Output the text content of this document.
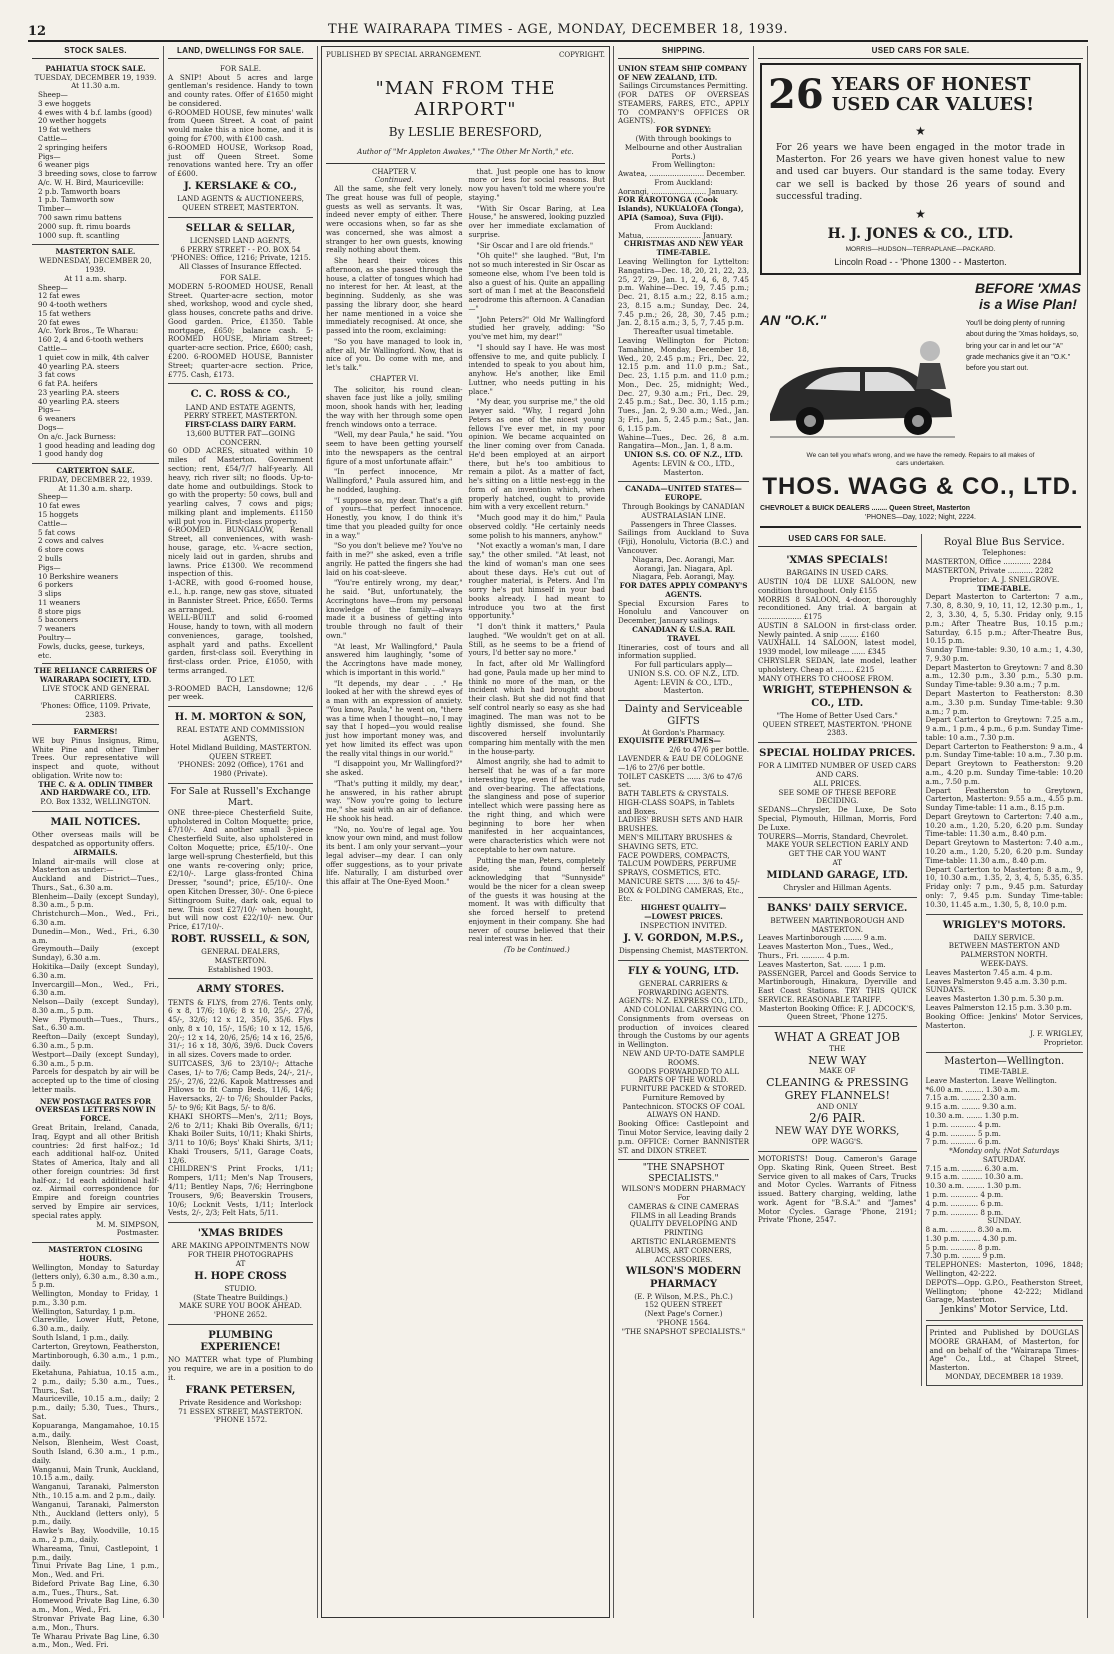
12	THE WAIRARAPA TIMES - AGE, MONDAY, DECEMBER 18, 1939.
STOCK SALES.
PAHIATUA STOCK SALE.
TUESDAY, DECEMBER 19, 1939.
At 11.30 a.m.
Sheep—
3 ewe hoggets
4 ewes with 4 b.f. lambs (good)
20 wether hoggets
19 fat wethers
Cattle—
2 springing heifers
Pigs—
6 weaner pigs
3 breeding sows, close to farrow
A/c. W. H. Bird, Mauriceville:
2 p.b. Tamworth boars
1 p.b. Tamworth sow
Timber—
700 sawn rimu battens
2000 sup. ft. rimu boards
1000 sup. ft. scantling
MASTERTON SALE.
WEDNESDAY, DECEMBER 20, 1939.
At 11 a.m. sharp.
Sheep—
12 fat ewes
90 4-tooth wethers
15 fat wethers
20 fat ewes
A/c. York Bros., Te Wharau:
160 2, 4 and 6-tooth wethers
Cattle—
1 quiet cow in milk, 4th calver
40 yearling P.A. steers
3 fat cows
6 fat P.A. heifers
23 yearling P.A. steers
40 yearling P.A. steers
Pigs—
6 weaners
Dogs—
On a/c. Jack Burness:
1 good heading and leading dog
1 good handy dog
CARTERTON SALE.
FRIDAY, DECEMBER 22, 1939.
At 11.30 a.m. sharp.
Sheep—
10 fat ewes
15 hoggets
Cattle—
5 fat cows
2 cows and calves
6 store cows
2 bulls
Pigs—
10 Berkshire weaners
6 porkers
3 slips
11 weaners
8 store pigs
5 baconers
7 weaners
Poultry—
Fowls, ducks, geese, turkeys, etc.
THE RELIANCE CARRIERS OF WAIRARAPA SOCIETY, LTD.
LIVE STOCK AND GENERAL CARRIERS.
'Phones: Office, 1109. Private, 2383.
FARMERS!
WE buy Pinus Insignus, Rimu, White Pine and other Timber Trees. Our representative will inspect and quote, without obligation. Write now to:
THE C. & A. ODLIN TIMBER AND HARDWARE CO., LTD.
P.O. Box 1332, WELLINGTON.
MAIL NOTICES.
Other overseas mails will be despatched as opportunity offers.
AIRMAILS.
Inland air-mails will close at Masterton as under:—
Auckland and District—Tues., Thurs., Sat., 6.30 a.m.
Blenheim—Daily (except Sunday), 8.30 a.m., 5 p.m.
Christchurch—Mon., Wed., Fri., 6.30 a.m.
Dunedin—Mon., Wed., Fri., 6.30 a.m.
Greymouth—Daily (except Sunday), 6.30 a.m.
Hokitika—Daily (except Sunday), 6.30 a.m.
Invercargill—Mon., Wed., Fri., 6.30 a.m.
Nelson—Daily (except Sunday), 8.30 a.m., 5 p.m.
New Plymouth—Tues., Thurs., Sat., 6.30 a.m.
Reefton—Daily (except Sunday), 6.30 a.m., 5 p.m.
Westport—Daily (except Sunday), 6.30 a.m., 5 p.m.
Parcels for despatch by air will be accepted up to the time of closing letter mails.
NEW POSTAGE RATES FOR OVERSEAS LETTERS NOW IN FORCE.
Great Britain, Ireland, Canada, Iraq, Egypt and all other British countries: 2d first half-oz.; 1d each additional half-oz. United States of America, Italy and all other foreign countries: 3d first half-oz.; 1d each additional half-oz. Airmail correspondence for Empire and foreign countries served by Empire air services, special rates apply.
M. M. SIMPSON,
Postmaster.
MASTERTON CLOSING HOURS.
Wellington, Monday to Saturday (letters only), 6.30 a.m., 8.30 a.m., 5 p.m.
Wellington, Monday to Friday, 1 p.m., 3.30 p.m.
Wellington, Saturday, 1 p.m.
Clareville, Lower Hutt, Petone, 6.30 a.m., daily.
South Island, 1 p.m., daily.
Carterton, Greytown, Featherston, Martinborough, 6.30 a.m., 1 p.m., daily.
Eketahuna, Pahiatua, 10.15 a.m., 2 p.m., daily; 5.30 a.m., Tues., Thurs., Sat.
Mauriceville, 10.15 a.m., daily; 2 p.m., daily; 5.30, Tues., Thurs., Sat.
Kopuaranga, Mangamahoe, 10.15 a.m., daily.
Nelson, Blenheim, West Coast, South Island, 6.30 a.m., 1 p.m., daily.
Wanganui, Main Trunk, Auckland, 10.15 a.m., daily.
Wanganui, Taranaki, Palmerston Nth., 10.15 a.m. and 2 p.m., daily.
Wanganui, Taranaki, Palmerston Nth., Auckland (letters only), 5 p.m., daily.
Hawke's Bay, Woodville, 10.15 a.m., 2 p.m., daily.
Whareama, Tinui, Castlepoint, 1 p.m., daily.
Tinui Private Bag Line, 1 p.m., Mon., Wed. and Fri.
Bideford Private Bag Line, 6.30 a.m., Tues., Thurs., Sat.
Homewood Private Bag Line, 6.30 a.m., Mon., Wed., Fri.
Stronvar Private Bag Line, 6.30 a.m., Mon., Thurs.
Te Wharau Private Bag Line, 6.30 a.m., Mon., Wed. Fri.
LAND, DWELLINGS FOR SALE.
FOR SALE.
A SNIP! About 5 acres and large gentleman's residence. Handy to town and county rates. Offer of £1650 might be considered.
6-ROOMED HOUSE, few minutes' walk from Queen Street. A coat of paint would make this a nice home, and it is going for £700, with £100 cash.
6-ROOMED HOUSE, Worksop Road, just off Queen Street. Some renovations wanted here. Try an offer of £600.
J. KERSLAKE & CO.,
LAND AGENTS & AUCTIONEERS,
QUEEN STREET, MASTERTON.
SELLAR & SELLAR,
LICENSED LAND AGENTS,
6 PERRY STREET - - P.O. BOX 54
'PHONES: Office, 1216; Private, 1215.
All Classes of Insurance Effected.
FOR SALE.
MODERN 5-ROOMED HOUSE, Renall Street. Quarter-acre section, motor shed, workshop, wood and cycle shed, glass houses, concrete paths and drive. Good garden. Price, £1350. Table mortgage, £650; balance cash. 5-ROOMED HOUSE, Miriam Street; quarter-acre section. Price, £600; cash, £200. 6-ROOMED HOUSE, Bannister Street; quarter-acre section. Price, £775. Cash, £173.
C. C. ROSS & CO.,
LAND AND ESTATE AGENTS,
PERRY STREET, MASTERTON.
FIRST-CLASS DAIRY FARM.
13,600 BUTTER FAT—GOING CONCERN.
60 ODD ACRES, situated within 10 miles of Masterton. Government section; rent, £54/7/7 half-yearly. All heavy, rich river silt; no floods. Up-to-date home and outbuildings. Stock to go with the property: 50 cows, bull and yearling calves, 7 cows and pigs; milking plant and implements. £1150 will put you in. First-class property.
6-ROOMED BUNGALOW, Renall Street, all conveniences, with wash-house, garage, etc. ¼-acre section, nicely laid out in garden, shrubs and lawns. Price £1300. We recommend inspection of this.
1-ACRE, with good 6-roomed house, e.l., h.p. range, new gas stove, situated in Bannister Street. Price, £650. Terms as arranged.
WELL-BUILT and solid 6-roomed House, handy to town, with all modern conveniences, garage, toolshed, asphalt yard and paths. Excellent garden, first-class soil. Everything in first-class order. Price, £1050, with terms arranged.
TO LET.
3-ROOMED BACH, Lansdowne; 12/6 per week.
H. M. MORTON & SON,
REAL ESTATE AND COMMISSION AGENTS,
Hotel Midland Building, MASTERTON. QUEEN STREET.
'PHONES: 2092 (Office), 1761 and 1980 (Private).
For Sale at Russell's Exchange Mart.
ONE three-piece Chesterfield Suite, upholstered in Colton Moquette; price, £7/10/-. And another small 3-piece Chesterfield Suite, also upholstered in Colton Moquette; price, £5/10/-. One large well-sprung Chesterfield, but this one wants re-covering only; price, £2/10/-. Large glass-fronted China Dresser, "sound"; price, £5/10/-. One open Kitchen Dresser, 30/-. One 6-piece Sittingroom Suite, dark oak, equal to new. This cost £27/10/- when bought, but will now cost £22/10/- new. Our Price, £17/10/-.
ROBT. RUSSELL, & SON,
GENERAL DEALERS,
MASTERTON.
Established 1903.
ARMY STORES.
TENTS & FLYS, from 27/6. Tents only, 6 x 8, 17/6; 10/6; 8 x 10, 25/-, 27/6, 45/-, 32/6; 12 x 12, 35/6, 35/6. Flys only, 8 x 10, 15/-, 15/6; 10 x 12, 15/6, 20/-; 12 x 14, 20/6, 25/6; 14 x 16, 25/6, 31/-; 16 x 18, 30/6, 39/6. Duck Covers in all sizes. Covers made to order.
SUITCASES, 3/6 to 23/10/-; Attache Cases, 1/- to 7/6; Camp Beds, 24/-, 21/-, 25/-, 27/6, 22/6. Kapok Mattresses and Pillows to fit Camp Beds, 11/6, 14/6; Haversacks, 2/- to 7/6; Shoulder Packs, 5/- to 9/6; Kit Bags, 5/- to 8/6.
KHAKI SHORTS—Men's, 2/11; Boys, 2/6 to 2/11; Khaki Bib Overalls, 6/11; Khaki Boiler Suits, 10/11; Khaki Shirts, 3/11 to 10/6; Boys' Khaki Shirts, 3/11; Khaki Trousers, 5/11, Garage Coats, 12/6.
CHILDREN'S Print Frocks, 1/11; Rompers, 1/11; Men's Nap Trousers, 4/11; Bentley Naps, 7/6; Herringbone Trousers, 9/6; Beaverskin Trousers, 10/6; Locknit Vests, 1/11; Interlock Vests, 2/-, 2/3; Felt Hats, 5/11.
'XMAS BRIDES
ARE MAKING APPOINTMENTS NOW FOR THEIR PHOTOGRAPHS
AT
H. HOPE CROSS
STUDIO.
(State Theatre Buildings.)
MAKE SURE YOU BOOK AHEAD.
'PHONE 2652.
PLUMBING EXPERIENCE!
NO MATTER what type of Plumbing you require, we are in a position to do it.
FRANK PETERSEN,
Private Residence and Workshop:
71 ESSEX STREET, MASTERTON.
'PHONE 1572.
PUBLISHED BY SPECIAL ARRANGEMENT.	COPYRIGHT.
"MAN FROM THE AIRPORT"
By LESLIE BERESFORD,
Author of "Mr Appleton Awakes," "The Other Mr North," etc.
CHAPTER V.
Continued.

All the same, she felt very lonely. The great house was full of people, guests as well as servants. It was, indeed never empty of either. There were occasions when, so far as she was concerned, she was almost a stranger to her own guests, knowing really nothing about them.

She heard their voices this afternoon, as she passed through the house, a clatter of tongues which had no interest for her. At least, at the beginning. Suddenly, as she was passing the library door, she heard her name mentioned in a voice she immediately recognised. At once, she passed into the room, exclaiming:

"So you have managed to look in, after all, Mr Wallingford. Now, that is nice of you. Do come with me, and let's talk."

CHAPTER VI.

The solicitor, his round clean-shaven face just like a jolly, smiling moon, shook hands with her, leading the way with her through some open french windows onto a terrace.

"Well, my dear Paula," he said. "You seem to have been getting yourself into the newspapers as the central figure of a most unfortunate affair."

"In perfect innocence, Mr Wallingford," Paula assured him, and he nodded, laughing.

"I suppose so, my dear. That's a gift of yours—that perfect innocence. Honestly, you know, I do think it's time that you pleaded guilty for once in a way."

"So you don't believe me? You've no faith in me?" she asked, even a trifle angrily. He patted the fingers she had laid on his coat-sleeve.

"You're entirely wrong, my dear," he said. "But, unfortunately, the Accringtons have—from my personal knowledge of the family—always made it a business of getting into trouble through no fault of their own."

"At least, Mr Wallingford," Paula answered him laughingly, "some of the Accringtons have made money, which is important in this world."

"It depends, my dear . . ." He looked at her with the shrewd eyes of a man with an expression of anxiety. "You know, Paula," he went on, "there was a time when I thought—no, I may say that I hoped—you would realise just how important money was, and yet how limited its effect was upon the really vital things in our world."

"I disappoint you, Mr Wallingford?" she asked.

"That's putting it mildly, my dear," he answered, in his rather abrupt way. "Now you're going to lecture me," she said with an air of defiance. He shook his head.

"No, no. You're of legal age. You know your own mind, and must follow its bent. I am only your servant—your legal adviser—my dear. I can only offer suggestions, as to your private life. Naturally, I am disturbed over this affair at The One-Eyed Moon."

that. Just people one has to know more or less for social reasons. But now you haven't told me where you're staying."

"With Sir Oscar Baring, at Lea House," he answered, looking puzzled over her immediate exclamation of surprise.

"Sir Oscar and I are old friends."

"Oh quite!" she laughed. "But, I'm not so much interested in Sir Oscar as someone else, whom I've been told is also a guest of his. Quite an appalling sort of man I met at the Beaconsfield aerodrome this afternoon. A Canadian—"

"John Peters?" Old Mr Wallingford studied her gravely, adding: "So you've met him, my dear!"

"I should say I have. He was most offensive to me, and quite publicly. I intended to speak to you about him, anyhow. He's another, like Emil Luttner, who needs putting in his place."

"My dear, you surprise me," the old lawyer said. "Why, I regard John Peters as one of the nicest young fellows I've ever met, in my poor opinion. We became acquainted on the liner coming over from Canada. He'd been employed at an airport there, but he's too ambitious to remain a pilot. As a matter of fact, he's sitting on a little nest-egg in the form of an invention which, when properly hatched, ought to provide him with a very excellent return."

"Much good may it do him," Paula observed coldly. "He certainly needs some polish to his manners, anyhow."

"Not exactly a woman's man, I dare say," the other smiled. "At least, not the kind of woman's man one sees about these days. He's cut out of rougher material, is Peters. And I'm sorry he's put himself in your bad books already. I had meant to introduce you two at the first opportunity."

"I don't think it matters," Paula laughed. "We wouldn't get on at all. Still, as he seems to be a friend of yours, I'd better say no more."

In fact, after old Mr Wallingford had gone, Paula made up her mind to think no more of the man, or the incident which had brought about their clash. But she did not find that self control nearly so easy as she had imagined. The man was not to be lightly dismissed, she found. She discovered herself involuntarily comparing him mentally with the men in the house-party.

Almost angrily, she had to admit to herself that he was of a far more interesting type, even if he was rude and over-bearing. The affectations, the slanginess and pose of superior intellect which were passing here as the right thing, and which were beginning to bore her when manifested in her acquaintances, were characteristics which were not acceptable to her own nature.

Putting the man, Peters, completely aside, she found herself acknowledging that "Sunnyside" would be the nicer for a clean sweep of the guests it was housing at the moment. It was with difficulty that she forced herself to pretend enjoyment in their company. She had never of course believed that their real interest was in her.

(To be Continued.)
SHIPPING.
UNION STEAM SHIP COMPANY OF NEW ZEALAND, LTD.
Sailings Circumstances Permitting.
(FOR DATES OF OVERSEAS STEAMERS, FARES, ETC., APPLY TO COMPANY'S OFFICES OR AGENTS).
FOR SYDNEY:
(With through bookings to Melbourne and other Australian Ports.)
From Wellington:
Awatea, ........................ December.
From Auckland:
Aorangi, ........................ January.
FOR RAROTONGA (Cook Islands), NUKUALOFA (Tonga), APIA (Samoa), Suva (Fiji).
From Auckland:
Matua, ........................ January.
CHRISTMAS AND NEW YEAR TIME-TABLE.
Leaving Wellington for Lyttelton: Rangatira—Dec. 18, 20, 21, 22, 23, 25, 27, 29, Jan. 1, 2, 4, 6, 8, 7.45 p.m. Wahine—Dec. 19, 7.45 p.m.; Dec. 21, 8.15 a.m.; 22, 8.15 a.m.; 23, 8.15 a.m.; Sunday, Dec. 24, 7.45 p.m.; 26, 28, 30, 7.45 p.m.; Jan. 2, 8.15 a.m.; 3, 5, 7, 7.45 p.m.
Thereafter usual timetable.
Leaving Wellington for Picton: Tamahine, Monday, December 18, Wed., 20, 2.45 p.m.; Fri., Dec. 22, 12.15 p.m. and 11.0 p.m.; Sat., Dec. 23, 1.15 p.m. and 11.0 p.m.; Mon., Dec. 25, midnight; Wed., Dec. 27, 9.30 a.m.; Fri., Dec. 29, 2.45 p.m.; Sat., Dec. 30, 1.15 p.m.; Tues., Jan. 2, 9.30 a.m.; Wed., Jan. 3; Fri., Jan. 5, 2.45 p.m.; Sat., Jan. 6, 1.15 p.m.
Wahine—Tues., Dec. 26, 8 a.m. Rangatira—Mon., Jan. 1, 8 a.m.
UNION S.S. CO. OF N.Z., LTD.
Agents: LEVIN & CO., LTD., Masterton.
CANADA—UNITED STATES—EUROPE.
Through Bookings by CANADIAN AUSTRALASIAN LINE.
Passengers in Three Classes.
Sailings from Auckland to Suva (Fiji), Honolulu, Victoria (B.C.) and Vancouver.
Niagara, Dec. Aorangi, Mar.
Aorangi, Jan. Niagara, Apl.
Niagara, Feb. Aorangi, May.
FOR DATES APPLY COMPANY'S AGENTS.
Special Excursion Fares to Honolulu and Vancouver on December, January sailings.
CANADIAN & U.S.A. RAIL TRAVEL
Itineraries, cost of tours and all information supplied.
For full particulars apply—
UNION S.S. CO. OF N.Z., LTD. Agent: LEVIN & CO., LTD., Masterton.
Dainty and Serviceable GIFTS
At Gordon's Pharmacy.
EXQUISITE PERFUMES—
2/6 to 47/6 per bottle.
LAVENDER & EAU DE COLOGNE—1/6 to 27/6 per bottle.
TOILET CASKETS ...... 3/6 to 47/6 set.
BATH TABLETS & CRYSTALS.
HIGH-CLASS SOAPS, in Tablets and Boxes.
LADIES' BRUSH SETS AND HAIR BRUSHES.
MEN'S MILITARY BRUSHES & SHAVING SETS, ETC.
FACE POWDERS, COMPACTS,
TALCUM POWDERS, PERFUME SPRAYS, COSMETICS, ETC.
MANICURE SETS ...... 3/6 to 45/-
BOX & FOLDING CAMERAS, Etc., Etc.
HIGHEST QUALITY—
—LOWEST PRICES.
INSPECTION INVITED.
J. V. GORDON, M.P.S.,
Dispensing Chemist, MASTERTON.
FLY & YOUNG, LTD.
GENERAL CARRIERS & FORWARDING AGENTS.
AGENTS: N.Z. EXPRESS CO., LTD., AND COLONIAL CARRYING CO.
Consignments from overseas on production of invoices cleared through the Customs by our agents in Wellington.
NEW AND UP-TO-DATE SAMPLE ROOMS.
GOODS FORWARDED TO ALL PARTS OF THE WORLD.
FURNITURE PACKED & STORED.
Furniture Removed by Pantechnicon. STOCKS OF COAL ALWAYS ON HAND.
Booking Office: Castlepoint and Tinui Motor Service, leaving daily 2 p.m. OFFICE: Corner BANNISTER ST. and DIXON STREET.
"THE SNAPSHOT SPECIALISTS."
WILSON'S MODERN PHARMACY
For
CAMERAS & CINE CAMERAS
FILMS in all Leading Brands
QUALITY DEVELOPING AND PRINTING
ARTISTIC ENLARGEMENTS
ALBUMS, ART CORNERS, ACCESSORIES.
WILSON'S MODERN PHARMACY
(E. P. Wilson, M.P.S., Ph.C.)
152 QUEEN STREET
(Next Page's Corner.)
'PHONE 1564.
"THE SNAPSHOT SPECIALISTS."
USED CARS FOR SALE.
26 YEARS OF HONEST USED CAR VALUES!
★
For 26 years we have been engaged in the motor trade in Masterton. For 26 years we have given honest value to new and used car buyers. Our standard is the same today. Every car we sell is backed by those 26 years of sound and successful trading.
★
H. J. JONES & CO., LTD.
MORRIS—HUDSON—TERRAPLANE—PACKARD.
Lincoln Road - - 'Phone 1300 - - Masterton.
BEFORE 'XMAS
is a Wise Plan!
AN "O.K."	You'll be doing plenty of running about during the 'Xmas holidays, so, bring your car in and let our "A" grade mechanics give it an "O.K." before you start out.
We can tell you what's wrong, and we have the remedy. Repairs to all makes of cars undertaken.
THOS. WAGG & CO., LTD.
CHEVROLET & BUICK DEALERS ........ Queen Street, Masterton
'PHONES—Day, 1022; Night, 2224.
USED CARS FOR SALE.
'XMAS SPECIALS!
BARGAINS IN USED CARS.
AUSTIN 10/4 DE LUXE SALOON, new condition throughout. Only £155
MORRIS 8 SALOON, 4-door, thoroughly reconditioned. Any trial. A bargain at ................... £175
AUSTIN 8 SALOON in first-class order. Newly painted. A snip ........ £160
VAUXHALL 14 SALOON, latest model, 1939 model, low mileage ...... £345
CHRYSLER SEDAN, late model, leather upholstery. Cheap at ........ £215
MANY OTHERS TO CHOOSE FROM.
WRIGHT, STEPHENSON & CO., LTD.
"The Home of Better Used Cars."
QUEEN STREET, MASTERTON. 'PHONE 2383.
SPECIAL HOLIDAY PRICES.
FOR A LIMITED NUMBER OF USED CARS AND CARS.
ALL PRICES.
SEE SOME OF THESE BEFORE DECIDING.
SEDANS—Chrysler, De Luxe, De Soto Special, Plymouth, Hillman, Morris, Ford De Luxe.
TOURERS—Morris, Standard, Chevrolet.
MAKE YOUR SELECTION EARLY AND GET THE CAR YOU WANT
AT
MIDLAND GARAGE, LTD.
Chrysler and Hillman Agents.
BANKS' DAILY SERVICE.
BETWEEN MARTINBOROUGH AND MASTERTON.
Leaves Martinborough ........ 9 a.m.
Leaves Masterton Mon., Tues., Wed., Thurs., Fri. .......... 4 p.m.
Leaves Masterton, Sat. ....... 1 p.m.
PASSENGER, Parcel and Goods Service to Martinborough, Hinakura, Dyerville and East Coast Stations. TRY THIS QUICK SERVICE. REASONABLE TARIFF.
Masterton Booking Office: F. J. ADCOCK'S, Queen Street, 'Phone 1275.
WHAT A GREAT JOB
THE
NEW WAY
MAKE OF
CLEANING & PRESSING GREY FLANNELS!
AND ONLY
2/6 PAIR.
NEW WAY DYE WORKS,
OPP. WAGG'S.
MOTORISTS! Doug. Cameron's Garage Opp. Skating Rink, Queen Street. Best Service given to all makes of Cars, Trucks and Motor Cycles. Warrants of Fitness issued. Battery charging, welding, lathe work. Agent for "B.S.A." and "James" Motor Cycles. Garage 'Phone, 2191; Private 'Phone, 2547.
Royal Blue Bus Service.
Telephones:
MASTERTON, Office ............ 2284
MASTERTON, Private ........... 2282
Proprietor: A. J. SNELGROVE.
TIME-TABLE.
Depart Masterton to Carterton: 7 a.m., 7.30, 8, 8.30, 9, 10, 11, 12, 12.30 p.m., 1, 2, 3, 3.30, 4, 5, 5.30. Friday only, 9.15 p.m.; After Theatre Bus, 10.15 p.m.; Saturday, 6.15 p.m.; After-Theatre Bus, 10.15 p.m.
Sunday Time-table: 9.30, 10 a.m.; 1, 4.30, 7, 9.30 p.m.
Depart Masterton to Greytown: 7 and 8.30 a.m., 12.30 p.m., 3.30 p.m., 5.30 p.m. Sunday Time-table: 9.30 a.m.; 7 p.m.
Depart Masterton to Featherston: 8.30 a.m., 3.30 p.m. Sunday Time-table: 9.30 a.m.; 7 p.m.
Depart Carterton to Greytown: 7.25 a.m., 9 a.m., 1 p.m., 4 p.m., 6 p.m. Sunday Time-table: 10 a.m., 7.30 p.m.
Depart Carterton to Featherston: 9 a.m., 4 p.m. Sunday Time-table: 10 a.m., 7.30 p.m.
Depart Greytown to Featherston: 9.20 a.m., 4.20 p.m. Sunday Time-table: 10.20 a.m., 7.50 p.m.
Depart Featherston to Greytown, Carterton, Masterton: 9.55 a.m., 4.55 p.m. Sunday Time-table: 11 a.m., 8.15 p.m.
Depart Greytown to Carterton: 7.40 a.m., 10.20 a.m., 1.20, 5.20, 6.20 p.m. Sunday Time-table: 11.30 a.m., 8.40 p.m.
Depart Greytown to Masterton: 7.40 a.m., 10.20 a.m., 1.20, 5.20, 6.20 p.m. Sunday Time-table: 11.30 a.m., 8.40 p.m.
Depart Carterton to Masterton: 8 a.m., 9, 10, 10.30 a.m., 1.35, 2, 3, 4, 5, 5.35, 6.35. Friday only: 7 p.m., 9.45 p.m. Saturday only: 7, 9.45 p.m. Sunday Time-table: 10.30, 11.45 a.m., 1.30, 5, 8, 10.0 p.m.
WRIGLEY'S MOTORS.
DAILY SERVICE.
BETWEEN MASTERTON AND PALMERSTON NORTH.
WEEK-DAYS.
Leaves Masterton 7.45 a.m. 4 p.m.
Leaves Palmerston 9.45 a.m. 3.30 p.m.
SUNDAYS.
Leaves Masterton 1.30 p.m. 5.30 p.m.
Leaves Palmerston 12.15 p.m. 3.30 p.m.
Booking Office: Jenkins' Motor Services, Masterton.
J. F. WRIGLEY,
Proprietor.
Masterton—Wellington.
TIME-TABLE.
Leave Masterton. Leave Wellington.
*6.00 a.m. ........ 1.30 a.m.
7.15 a.m. ........ 2.30 a.m.
9.15 a.m. ........ 9.30 a.m.
10.30 a.m. ....... 1.30 p.m.
1 p.m. ........... 4 p.m.
4 p.m. ........... 5 p.m.
7 p.m. ........... 6 p.m.
*Monday only. †Not Saturdays
SATURDAY.
7.15 a.m. ......... 6.30 a.m.
9.15 a.m. ......... 10.30 a.m.
10.30 a.m. ........ 1.30 p.m.
1 p.m. ............ 4 p.m.
4 p.m. ............ 6 p.m.
7 p.m. ............ 8 p.m.
SUNDAY.
8 a.m. ........... 8.30 a.m.
1.30 p.m. ........ 4.30 p.m.
5 p.m. ........... 8 p.m.
7.30 p.m. ........ 9 p.m.
TELEPHONES: Masterton, 1096, 1848; Wellington, 42-222.
DEPOTS—Opp. G.P.O., Featherston Street, Wellington; 'phone 42-222; Midland Garage, Masterton.
Jenkins' Motor Service, Ltd.
Printed and Published by DOUGLAS MOORE GRAHAM, of Masterton, for and on behalf of the "Wairarapa Times-Age" Co., Ltd., at Chapel Street, Masterton.
MONDAY, DECEMBER 18 1939.
